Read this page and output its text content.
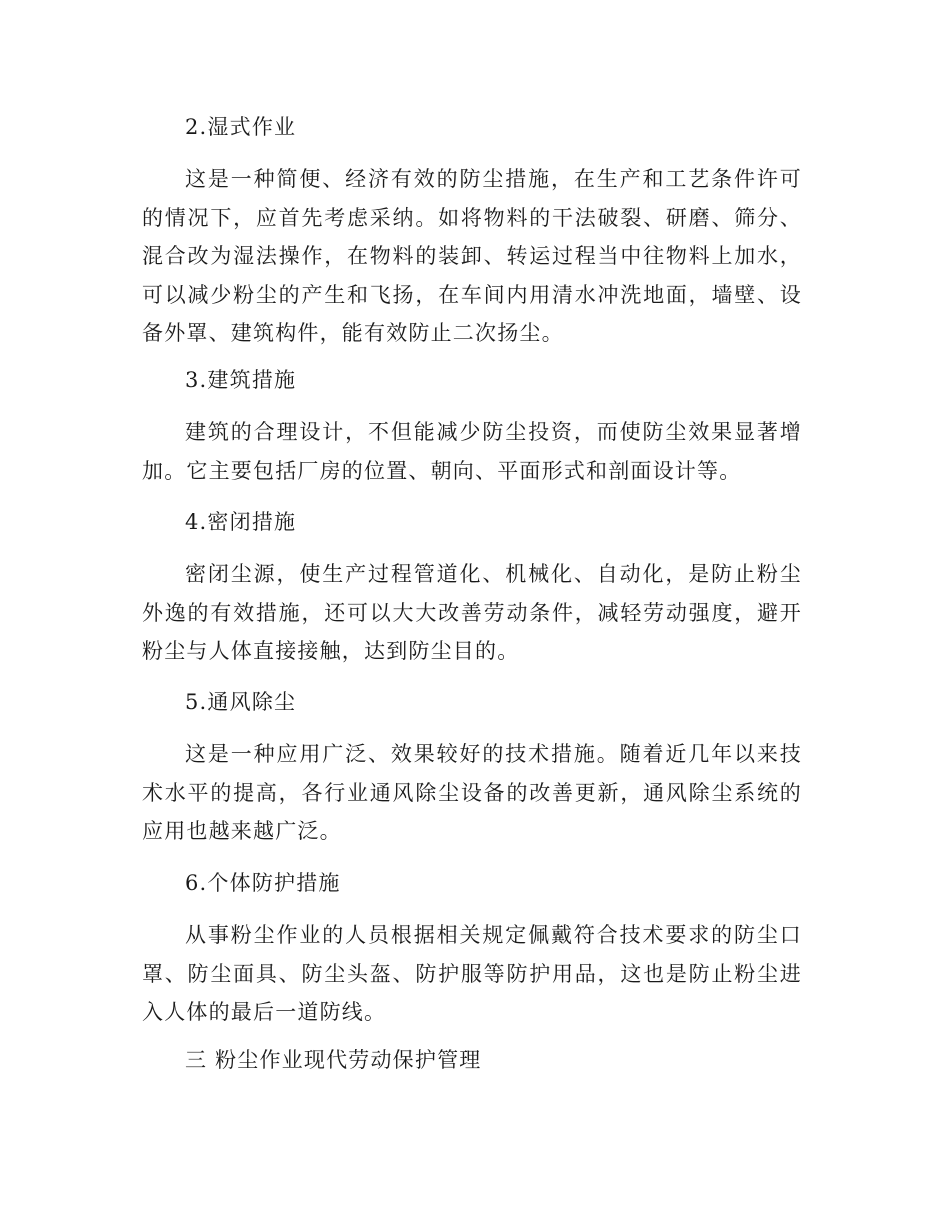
2.湿式作业
这是一种简便、经济有效的防尘措施，在生产和工艺条件许可的情况下，应首先考虑采纳。如将物料的干法破裂、研磨、筛分、混合改为湿法操作，在物料的装卸、转运过程当中往物料上加水，可以减少粉尘的产生和飞扬，在车间内用清水冲洗地面，墙壁、设备外罩、建筑构件，能有效防止二次扬尘。
3.建筑措施
建筑的合理设计，不但能减少防尘投资，而使防尘效果显著增加。它主要包括厂房的位置、朝向、平面形式和剖面设计等。
4.密闭措施
密闭尘源，使生产过程管道化、机械化、自动化，是防止粉尘外逸的有效措施，还可以大大改善劳动条件，减轻劳动强度，避开粉尘与人体直接接触，达到防尘目的。
5.通风除尘
这是一种应用广泛、效果较好的技术措施。随着近几年以来技术水平的提高，各行业通风除尘设备的改善更新，通风除尘系统的应用也越来越广泛。
6.个体防护措施
从事粉尘作业的人员根据相关规定佩戴符合技术要求的防尘口罩、防尘面具、防尘头盔、防护服等防护用品，这也是防止粉尘进入人体的最后一道防线。
三 粉尘作业现代劳动保护管理
